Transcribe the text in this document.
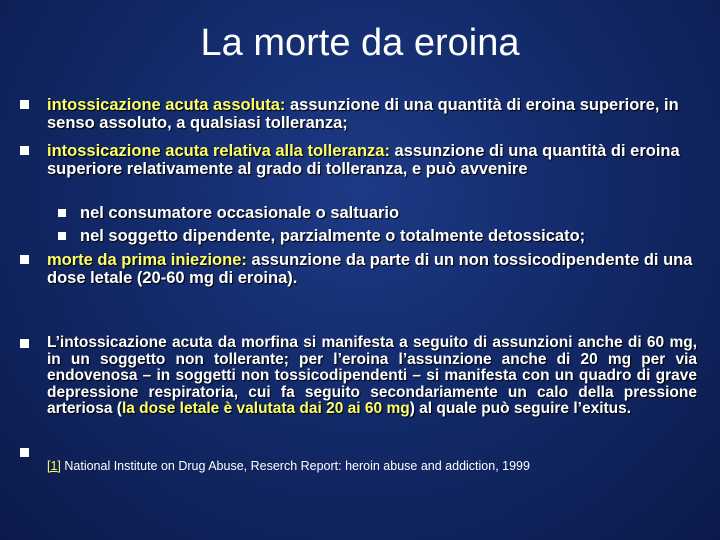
La morte da eroina
intossicazione acuta assoluta: assunzione di una quantità di eroina superiore, in senso assoluto, a qualsiasi tolleranza;
intossicazione acuta relativa alla tolleranza: assunzione di una quantità di eroina superiore relativamente al grado di tolleranza, e può avvenire
nel consumatore occasionale o saltuario
nel soggetto dipendente, parzialmente o totalmente detossicato;
morte da prima iniezione: assunzione da parte di un non tossicodipendente di una dose letale (20-60 mg di eroina).
L’intossicazione acuta da morfina si manifesta a seguito di assunzioni anche di 60 mg, in un soggetto non tollerante; per l’eroina l’assunzione anche di 20 mg per via endovenosa – in soggetti non tossicodipendenti – si manifesta con un quadro di grave depressione respiratoria, cui fa seguito secondariamente un calo della pressione arteriosa (la dose letale è valutata dai 20 ai 60 mg) al quale può seguire l’exitus.
[1] National Institute on Drug Abuse, Reserch Report: heroin abuse and addiction, 1999
